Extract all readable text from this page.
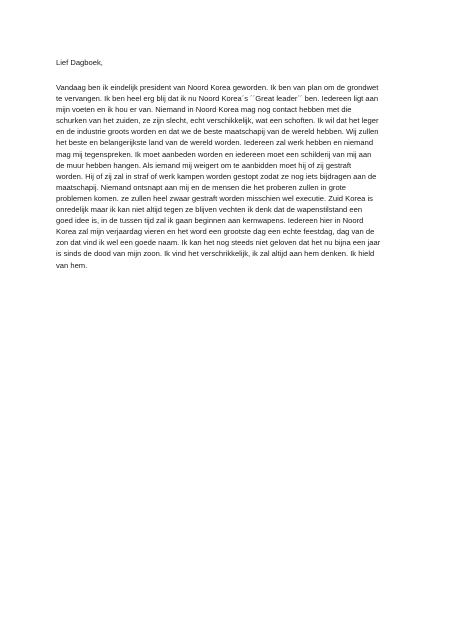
Lief Dagboek,

Vandaag ben ik eindelijk president van Noord Korea geworden. Ik ben van plan om de grondwet
te vervangen. Ik ben heel erg blij dat ik nu Noord Korea´s ´´Great leader´´ ben. Iedereen ligt aan
mijn voeten en ik hou er van. Niemand in Noord Korea mag nog contact hebben met die
schurken van het zuiden, ze zijn slecht, echt verschikkelijk, wat een schoften. Ik wil dat het leger
en de industrie groots worden en dat we de beste maatschapij van de wereld hebben. Wij zullen
het beste en belangerijkste land van de wereld worden. Iedereen zal werk hebben en niemand
mag mij tegenspreken. Ik moet aanbeden worden en iedereen moet een schilderij van mij aan
de muur hebben hangen. Als iemand mij weigert om te aanbidden moet hij of zij gestraft
worden. Hij of zij zal in straf of werk kampen worden gestopt zodat ze nog iets bijdragen aan de
maatschapij. Niemand ontsnapt aan mij en de mensen die het proberen zullen in grote
problemen komen. ze zullen heel zwaar gestraft worden misschien wel executie. Zuid Korea is
onredelijk maar ik kan niet altijd tegen ze blijven vechten ik denk dat de wapenstilstand een
goed idee is, in de tussen tijd zal ik gaan beginnen aan kernwapens. Iedereen hier in Noord
Korea zal mijn verjaardag vieren en het word een grootste dag een echte feestdag, dag van de
zon dat vind ik wel een goede naam. Ik kan het nog steeds niet geloven dat het nu bijna een jaar
is sinds de dood van mijn zoon. Ik vind het verschrikkelijk, ik zal altijd aan hem denken. Ik hield
van hem.
